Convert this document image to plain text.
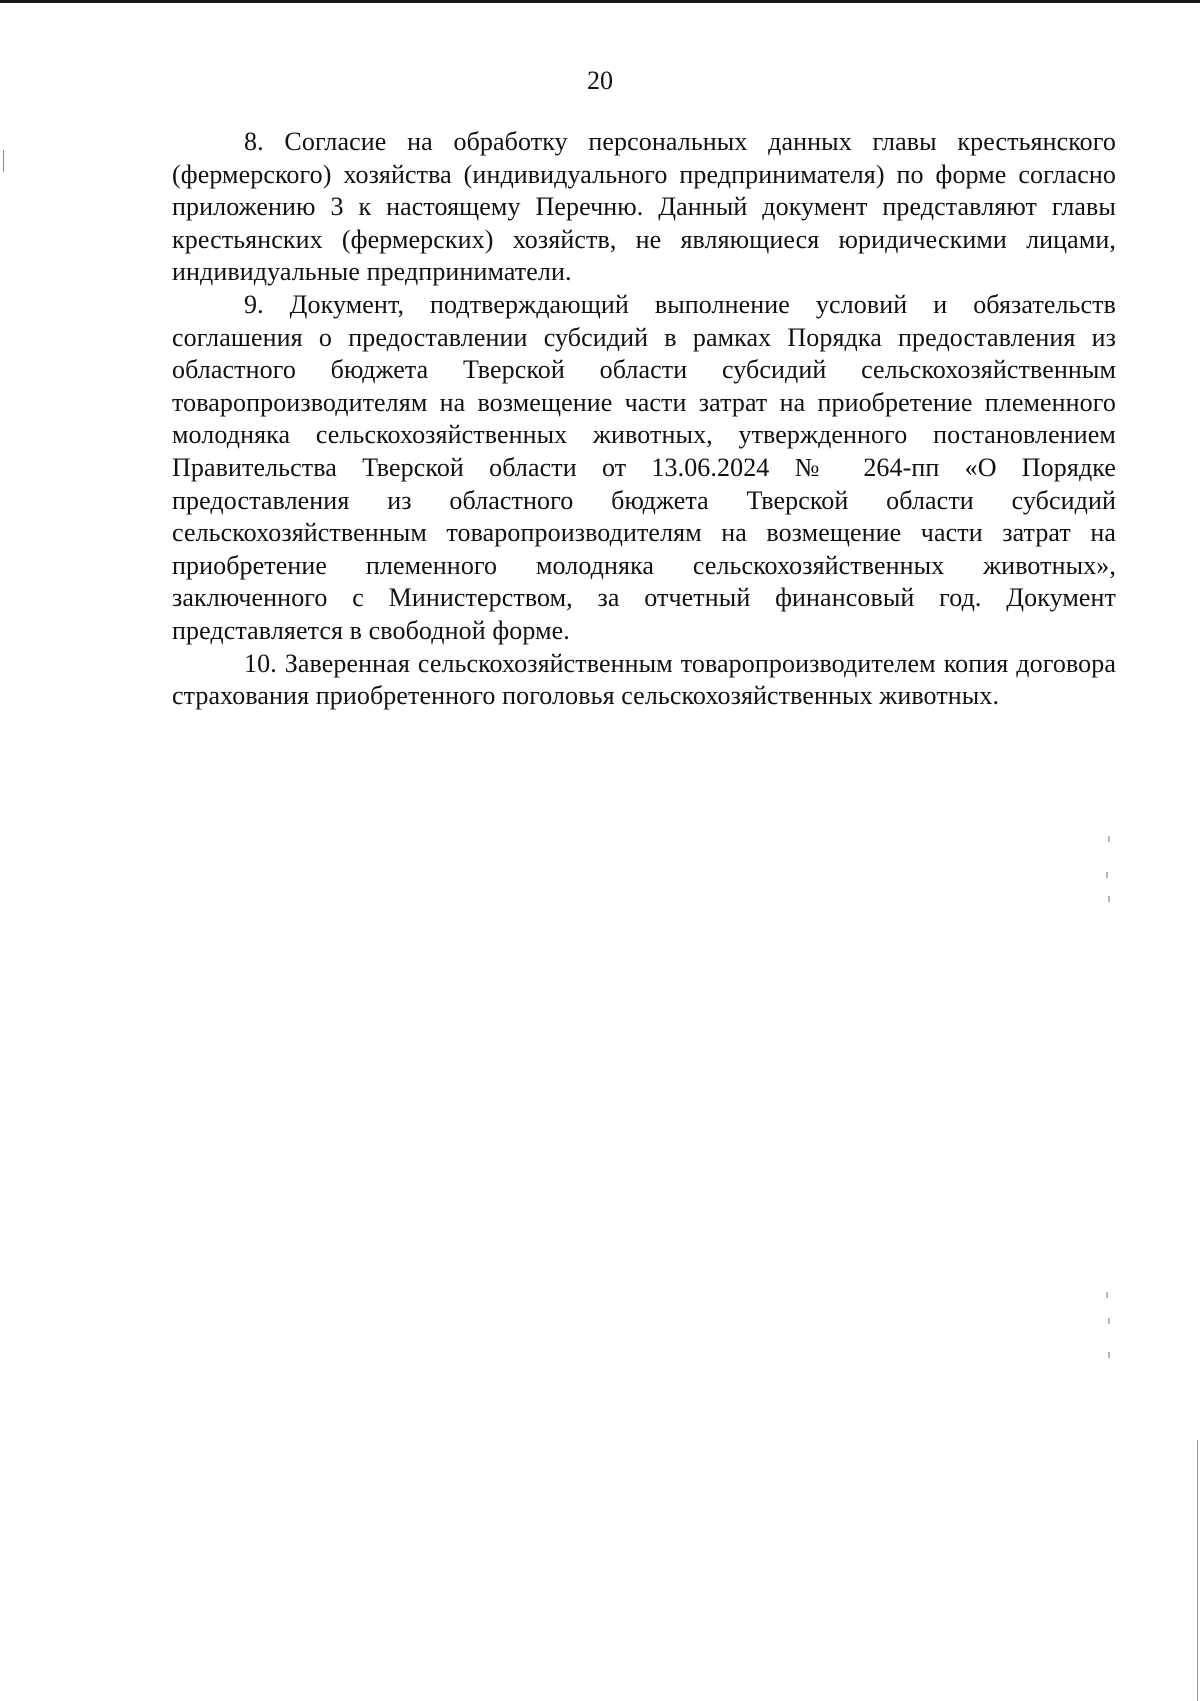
20

8. Согласие на обработку персональных данных главы крестьянского (фермерского) хозяйства (индивидуального предпринимателя) по форме согласно приложению 3 к настоящему Перечню. Данный документ представляют главы крестьянских (фермерских) хозяйств, не являющиеся юридическими лицами, индивидуальные предприниматели.

9. Документ, подтверждающий выполнение условий и обязательств соглашения о предоставлении субсидий в рамках Порядка предоставления из областного бюджета Тверской области субсидий сельскохозяйственным товаропроизводителям на возмещение части затрат на приобретение племенного молодняка сельскохозяйственных животных, утвержденного постановлением Правительства Тверской области от 13.06.2024 № 264-пп «О Порядке предоставления из областного бюджета Тверской области субсидий сельскохозяйственным товаропроизводителям на возмещение части затрат на приобретение племенного молодняка сельскохозяйственных животных», заключенного с Министерством, за отчетный финансовый год. Документ представляется в свободной форме.

10. Заверенная сельскохозяйственным товаропроизводителем копия договора страхования приобретенного поголовья сельскохозяйственных животных.
